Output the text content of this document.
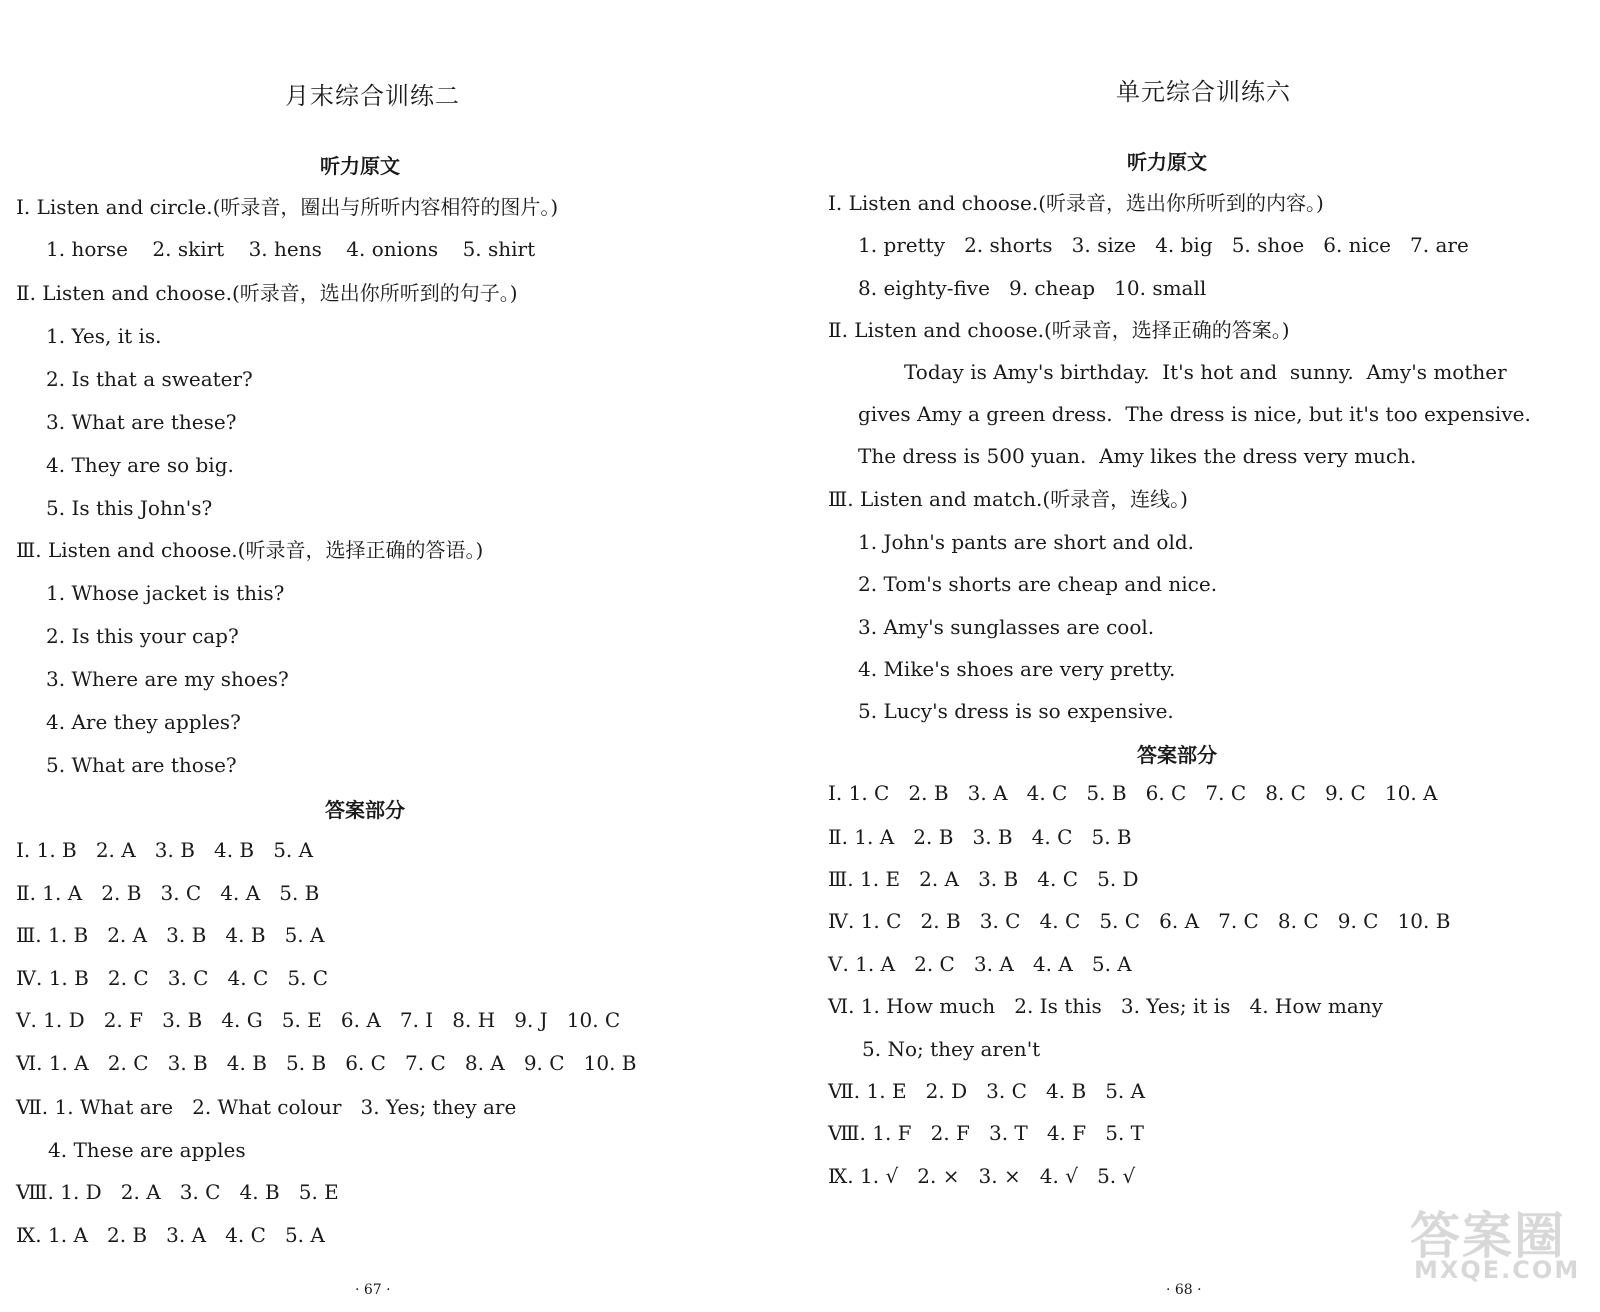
月末综合训练二
听力原文
Ⅰ. Listen and circle.(听录音，圈出与所听内容相符的图片。)
1. horse 2. skirt 3. hens 4. onions 5. shirt
Ⅱ. Listen and choose.(听录音，选出你所听到的句子。)
1. Yes, it is.
2. Is that a sweater?
3. What are these?
4. They are so big.
5. Is this John's?
Ⅲ. Listen and choose.(听录音，选择正确的答语。)
1. Whose jacket is this?
2. Is this your cap?
3. Where are my shoes?
4. Are they apples?
5. What are those?
答案部分
Ⅰ. 1. B   2. A   3. B   4. B   5. A
Ⅱ. 1. A   2. B   3. C   4. A   5. B
Ⅲ. 1. B   2. A   3. B   4. B   5. A
Ⅳ. 1. B   2. C   3. C   4. C   5. C
Ⅴ. 1. D   2. F   3. B   4. G   5. E   6. A   7. I   8. H   9. J   10. C
Ⅵ. 1. A   2. C   3. B   4. B   5. B   6. C   7. C   8. A   9. C   10. B
Ⅶ. 1. What are   2. What colour   3. Yes; they are
4. These are apples
Ⅷ. 1. D   2. A   3. C   4. B   5. E
Ⅸ. 1. A   2. B   3. A   4. C   5. A
· 67 ·
单元综合训练六
听力原文
Ⅰ. Listen and choose.(听录音，选出你所听到的内容。)
1. pretty   2. shorts   3. size   4. big   5. shoe   6. nice   7. are
8. eighty-five   9. cheap   10. small
Ⅱ. Listen and choose.(听录音，选择正确的答案。)
Today is Amy's birthday.  It's hot and  sunny.  Amy's mother
gives Amy a green dress.  The dress is nice, but it's too expensive.
The dress is 500 yuan.  Amy likes the dress very much.
Ⅲ. Listen and match.(听录音，连线。)
1. John's pants are short and old.
2. Tom's shorts are cheap and nice.
3. Amy's sunglasses are cool.
4. Mike's shoes are very pretty.
5. Lucy's dress is so expensive.
答案部分
Ⅰ. 1. C   2. B   3. A   4. C   5. B   6. C   7. C   8. C   9. C   10. A
Ⅱ. 1. A   2. B   3. B   4. C   5. B
Ⅲ. 1. E   2. A   3. B   4. C   5. D
Ⅳ. 1. C   2. B   3. C   4. C   5. C   6. A   7. C   8. C   9. C   10. B
Ⅴ. 1. A   2. C   3. A   4. A   5. A
Ⅵ. 1. How much   2. Is this   3. Yes; it is   4. How many
5. No; they aren't
Ⅶ. 1. E   2. D   3. C   4. B   5. A
Ⅷ. 1. F   2. F   3. T   4. F   5. T
Ⅸ. 1. √   2. ×   3. ×   4. √   5. √
· 68 ·
答案圈
MXQE.COM
